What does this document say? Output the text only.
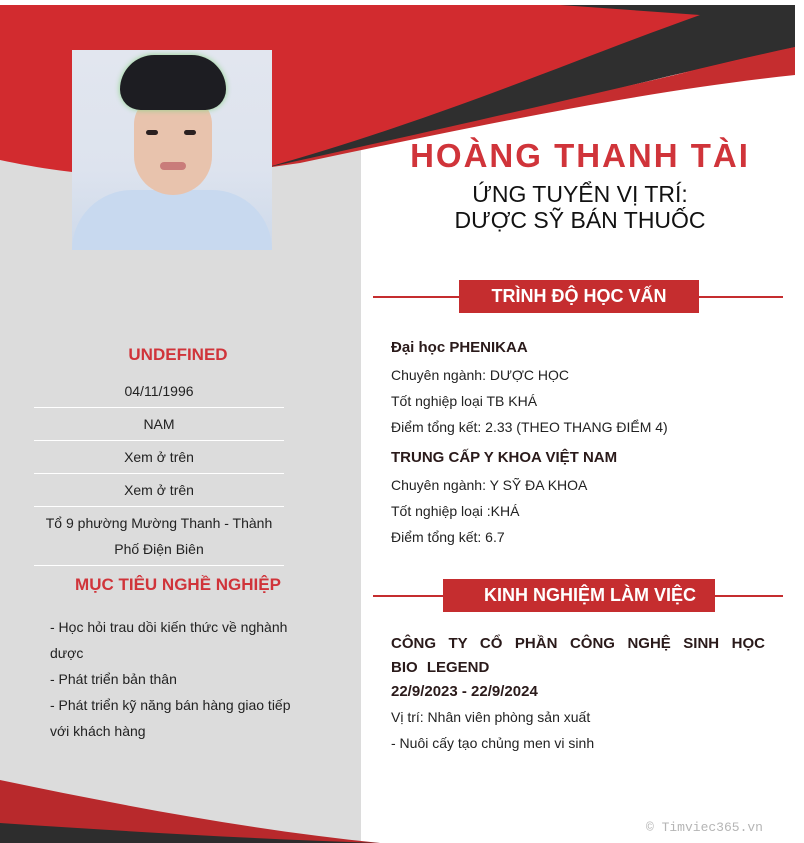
HOÀNG THANH TÀI
ỨNG TUYỂN VỊ TRÍ:
DƯỢC SỸ BÁN THUỐC
UNDEFINED
04/11/1996
NAM
Xem ở trên
Xem ở trên
Tổ 9 phường Mường Thanh - Thành Phố Điện Biên
MỤC TIÊU NGHỀ NGHIỆP
- Học hỏi trau dồi kiến thức về nghành dược
- Phát triển bản thân
- Phát triển kỹ năng bán hàng giao tiếp với khách hàng
TRÌNH ĐỘ HỌC VẤN
Đại học PHENIKAA
Chuyên ngành: DƯỢC HỌC
Tốt nghiệp loại TB KHÁ
Điểm tổng kết: 2.33 (THEO THANG ĐIỂM 4)
TRUNG CẤP Y KHOA VIỆT NAM
Chuyên ngành: Y SỸ ĐA KHOA
Tốt nghiệp loại :KHÁ
Điểm tổng kết: 6.7
KINH NGHIỆM LÀM VIỆC
CÔNG TY CỔ PHẦN CÔNG NGHỆ SINH HỌC BIO LEGEND
22/9/2023 - 22/9/2024
Vị trí: Nhân viên phòng sản xuất
- Nuôi cấy tạo chủng men vi sinh
© Timviec365.vn
